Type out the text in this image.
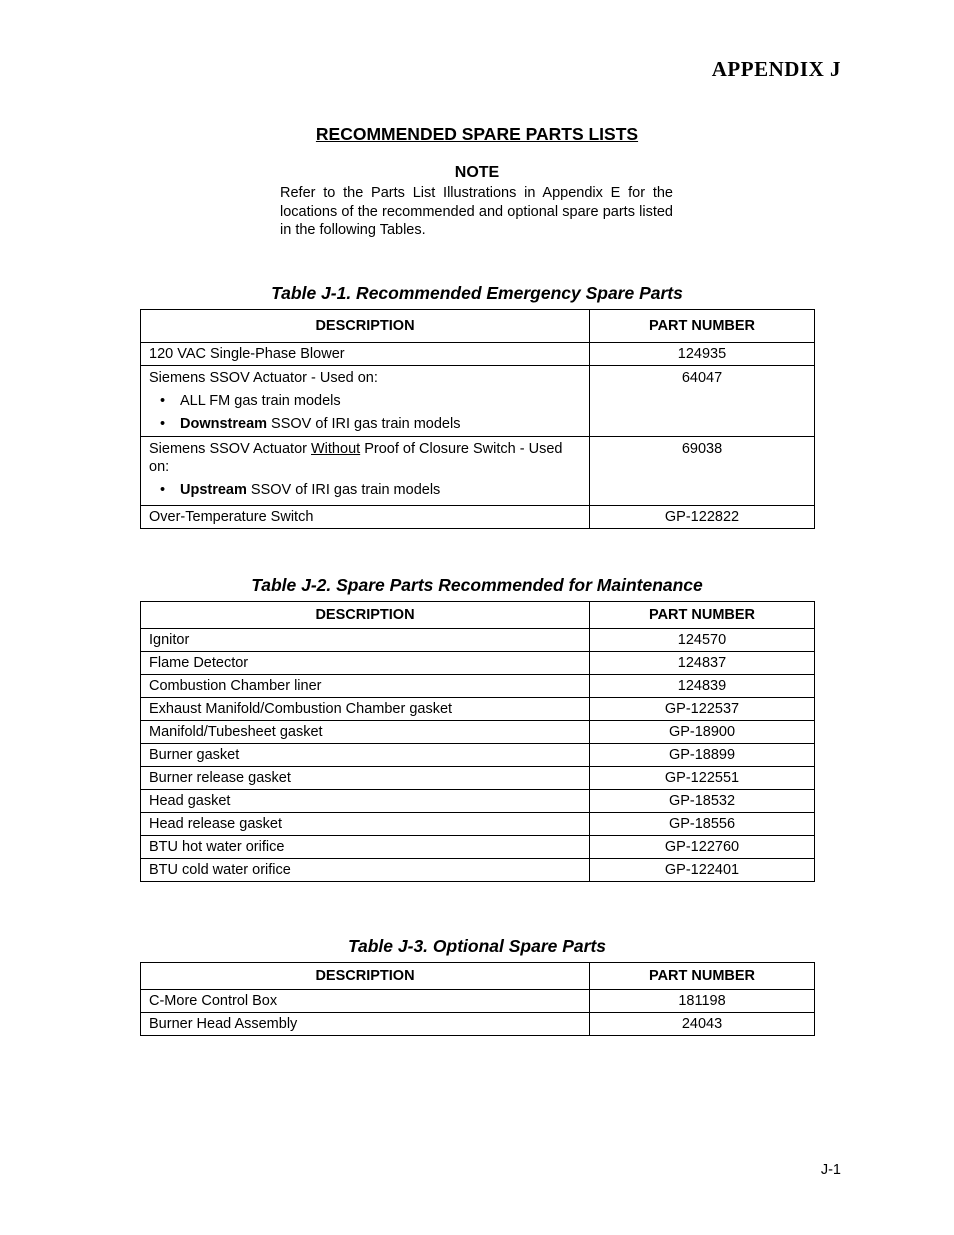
APPENDIX J
RECOMMENDED SPARE PARTS LISTS
NOTE
Refer to the Parts List Illustrations in Appendix E for the locations of the recommended and optional spare parts listed in the following Tables.
Table J-1. Recommended Emergency Spare Parts
DESCRIPTION	PART NUMBER
120 VAC Single-Phase Blower	124935

Siemens SSOV Actuator - Used on:
• ALL FM gas train models
• Downstream SSOV of IRI gas train models	64047

Siemens SSOV Actuator Without Proof of Closure Switch - Used on:
• Upstream SSOV of IRI gas train models	69038
Over-Temperature Switch	GP-122822
Table J-2. Spare Parts Recommended for Maintenance
DESCRIPTION	PART NUMBER
Ignitor	124570
Flame Detector	124837
Combustion Chamber liner	124839
Exhaust Manifold/Combustion Chamber gasket	GP-122537
Manifold/Tubesheet gasket	GP-18900
Burner gasket	GP-18899
Burner release gasket	GP-122551
Head gasket	GP-18532
Head release gasket	GP-18556
BTU hot water orifice	GP-122760
BTU cold water orifice	GP-122401
Table J-3. Optional Spare Parts
DESCRIPTION	PART NUMBER
C-More Control Box	181198
Burner Head Assembly	24043
J-1
